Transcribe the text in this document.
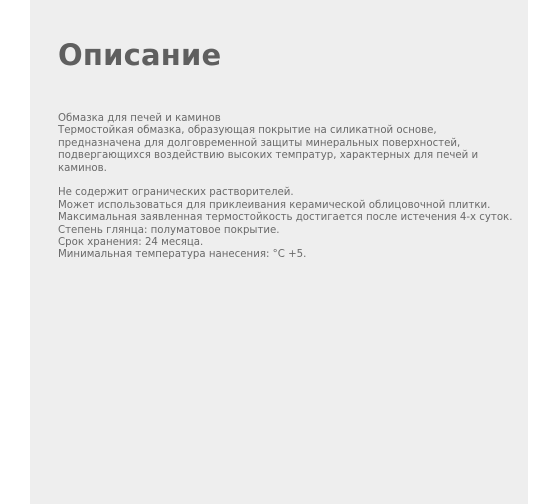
Описание

Обмазка для печей и каминов

Термостойкая обмазка, образующая покрытие на силикатной основе, предназначена для долговременной защиты минеральных поверхностей, подвергающихся воздействию высоких темпратур, характерных для печей и каминов.

Не содержит ограническиx растворителей.

Может использоваться для приклеивания керамической облицовочной плитки.

Максимальная заявленная термостойкость достигается после истечения 4-х суток.

Степень глянца: полуматовое покрытие.

Срок хранения: 24 месяца.

Минимальная температура нанесения: °С +5.
